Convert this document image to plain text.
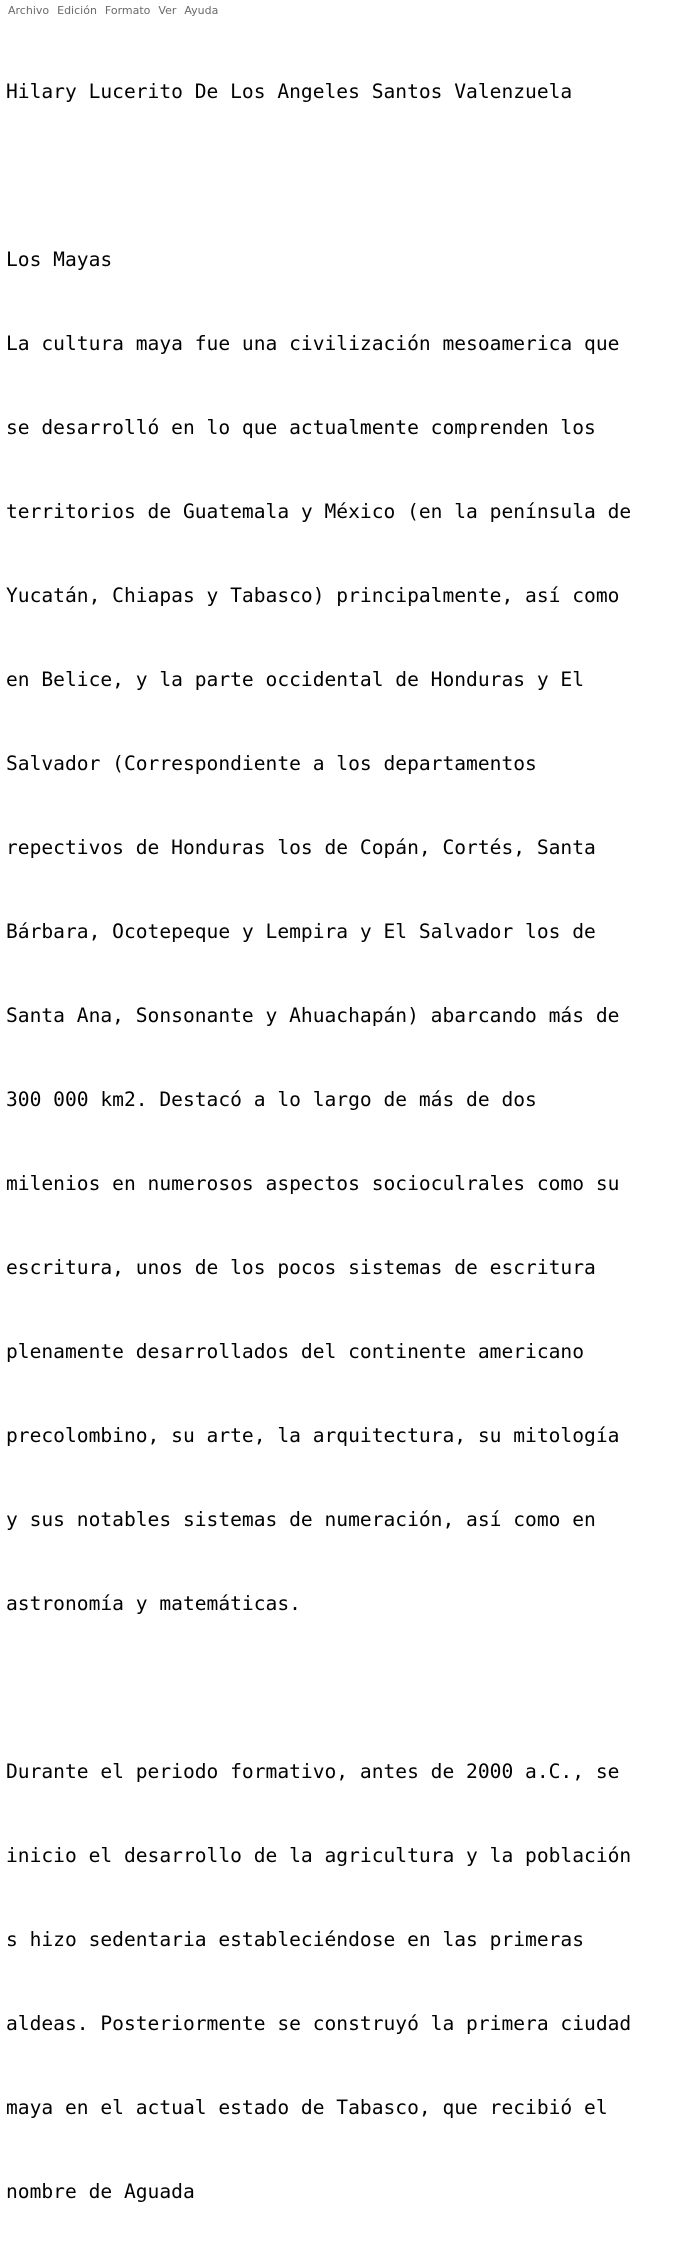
Archivo Edición Formato Ver Ayuda

Hilary Lucerito De Los Angeles Santos Valenzuela

Los Mayas

La cultura maya fue una civilización mesoamerica que

se desarrolló en lo que actualmente comprenden los

territorios de Guatemala y México (en la península de

Yucatán, Chiapas y Tabasco) principalmente, así como

en Belice, y la parte occidental de Honduras y El

Salvador (Correspondiente a los departamentos

repectivos de Honduras los de Copán, Cortés, Santa

Bárbara, Ocotepeque y Lempira y El Salvador los de

Santa Ana, Sonsonante y Ahuachapán) abarcando más de

300 000 km2. Destacó a lo largo de más de dos

milenios en numerosos aspectos socioculrales como su

escritura, unos de los pocos sistemas de escritura

plenamente desarrollados del continente americano

precolombino, su arte, la arquitectura, su mitología

y sus notables sistemas de numeración, así como en

astronomía y matemáticas.

Durante el periodo formativo, antes de 2000 a.C., se

inicio el desarrollo de la agricultura y la población

s hizo sedentaria estableciéndose en las primeras

aldeas. Posteriormente se construyó la primera ciudad

maya en el actual estado de Tabasco, que recibió el

nombre de Aguada
